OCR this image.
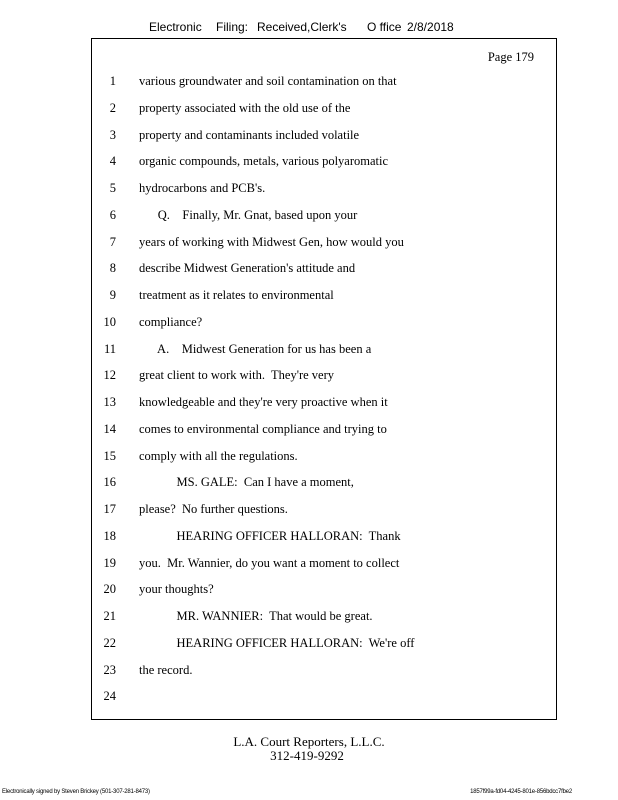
Electronic Filing: Received,Clerk's O ffice 2/8/2018
Page 179
1 various groundwater and soil contamination on that
2 property associated with the old use of the
3 property and contaminants included volatile
4 organic compounds, metals, various polyaromatic
5 hydrocarbons and PCB's.
6 Q.    Finally, Mr. Gnat, based upon your
7 years of working with Midwest Gen, how would you
8 describe Midwest Generation's attitude and
9 treatment as it relates to environmental
10 compliance?
11 A.    Midwest Generation for us has been a
12 great client to work with.  They're very
13 knowledgeable and they're very proactive when it
14 comes to environmental compliance and trying to
15 comply with all the regulations.
16 MS. GALE:  Can I have a moment,
17 please?  No further questions.
18 HEARING OFFICER HALLORAN:  Thank
19 you.  Mr. Wannier, do you want a moment to collect
20 your thoughts?
21 MR. WANNIER:  That would be great.
22 HEARING OFFICER HALLORAN:  We're off
23 the record.
24
L.A. Court Reporters, L.L.C.
312-419-9292
Electronically signed by Steven Brickey (501-307-281-8473)	1857f99a-fd04-4245-801e-856bdcc7fbe2
